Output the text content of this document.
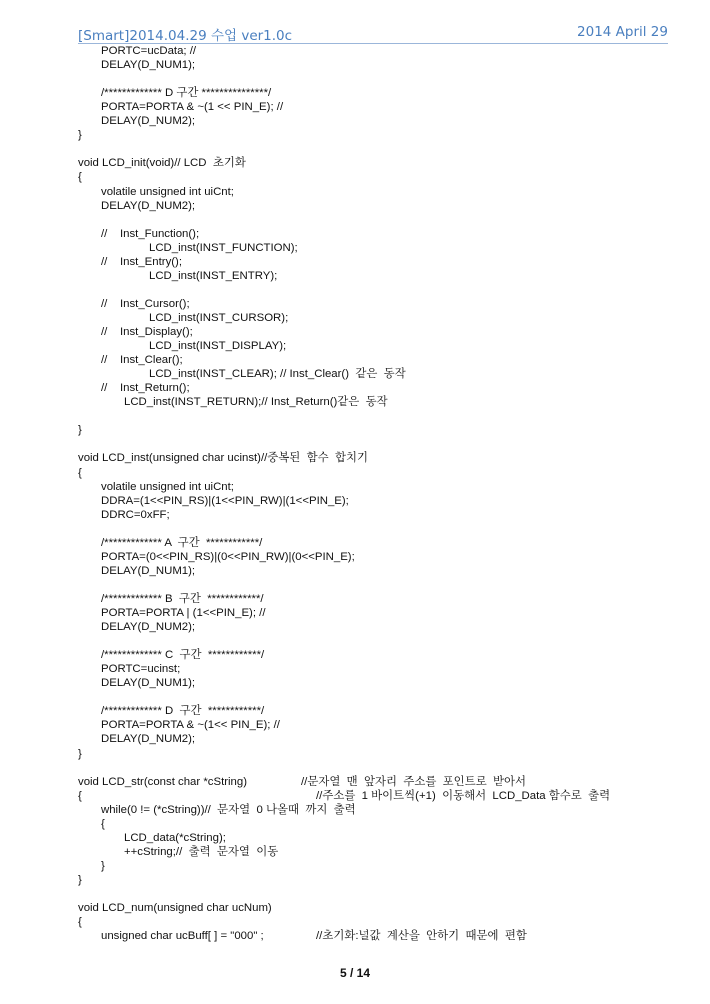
[Smart]2014.04.29 수업 ver1.0c	2014 April 29
PORTC=ucData; //
DELAY(D_NUM1);
/************* D 구간 ***************/
PORTA=PORTA & ~(1 << PIN_E); //
DELAY(D_NUM2);
}
void LCD_init(void)// LCD  초기화
{
volatile unsigned int uiCnt;
DELAY(D_NUM2);
//    Inst_Function();
LCD_inst(INST_FUNCTION);
//    Inst_Entry();
LCD_inst(INST_ENTRY);
//    Inst_Cursor();
LCD_inst(INST_CURSOR);
//    Inst_Display();
LCD_inst(INST_DISPLAY);
//    Inst_Clear();
LCD_inst(INST_CLEAR); // Inst_Clear()  같은  동작
//    Inst_Return();
LCD_inst(INST_RETURN);// Inst_Return()같은  동작
}
void LCD_inst(unsigned char ucinst)//중복된  함수  합치기
{
volatile unsigned int uiCnt;
DDRA=(1<<PIN_RS)|(1<<PIN_RW)|(1<<PIN_E);
DDRC=0xFF;
/************* A  구간  ************/
PORTA=(0<<PIN_RS)|(0<<PIN_RW)|(0<<PIN_E);
DELAY(D_NUM1);
/************* B  구간  ************/
PORTA=PORTA | (1<<PIN_E); //
DELAY(D_NUM2);
/************* C  구간  ************/
PORTC=ucinst;
DELAY(D_NUM1);
/************* D  구간  ************/
PORTA=PORTA & ~(1<< PIN_E); //
DELAY(D_NUM2);
}
void LCD_str(const char *cString)	//문자열  맨  앞자리  주소를  포인트로  받아서
{	//주소를  1 바이트씩(+1)  이동해서  LCD_Data 함수로  출력
while(0 != (*cString))//  문자열  0 나올때  까지  출력
{
LCD_data(*cString);
++cString;//  출력  문자열  이동
}
}
void LCD_num(unsigned char ucNum)
{
unsigned char ucBuff[ ] = "000" ;	//초기화:널값  계산을  안하기  때문에  편함
5 / 14
